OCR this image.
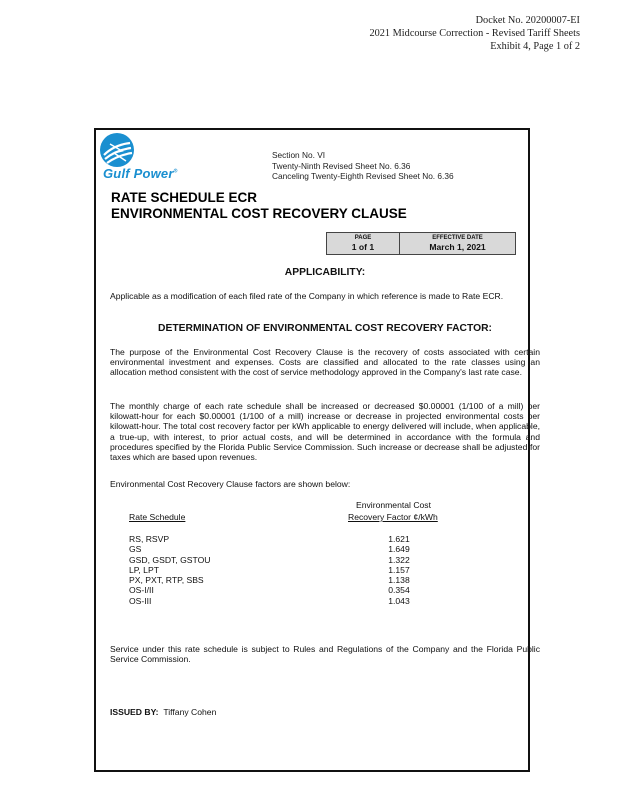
Docket No. 20200007-EI
2021 Midcourse Correction - Revised Tariff Sheets
Exhibit 4, Page 1 of 2
Gulf Power®
Section No. VI
Twenty-Ninth Revised Sheet No. 6.36
Canceling Twenty-Eighth Revised Sheet No. 6.36
RATE SCHEDULE ECR
ENVIRONMENTAL COST RECOVERY CLAUSE
PAGE
1 of 1
EFFECTIVE DATE
March 1, 2021
APPLICABILITY:
Applicable as a modification of each filed rate of the Company in which reference is made to Rate ECR.
DETERMINATION OF ENVIRONMENTAL COST RECOVERY FACTOR:
The purpose of the Environmental Cost Recovery Clause is the recovery of costs associated with certain environmental investment and expenses. Costs are classified and allocated to the rate classes using an allocation method consistent with the cost of service methodology approved in the Company's last rate case.
The monthly charge of each rate schedule shall be increased or decreased $0.00001 (1/100 of a mill) per kilowatt-hour for each $0.00001 (1/100 of a mill) increase or decrease in projected environmental costs per kilowatt-hour. The total cost recovery factor per kWh applicable to energy delivered will include, when applicable, a true-up, with interest, to prior actual costs, and will be determined in accordance with the formula and procedures specified by the Florida Public Service Commission. Such increase or decrease shall be adjusted for taxes which are based upon revenues.
Environmental Cost Recovery Clause factors are shown below:
Environmental Cost
Rate Schedule	Recovery Factor ¢/kWh
RS, RSVP	1.621
GS	1.649
GSD, GSDT, GSTOU	1.322
LP, LPT	1.157
PX, PXT, RTP, SBS	1.138
OS-I/II	0.354
OS-III	1.043
Service under this rate schedule is subject to Rules and Regulations of the Company and the Florida Public Service Commission.
ISSUED BY: Tiffany Cohen
